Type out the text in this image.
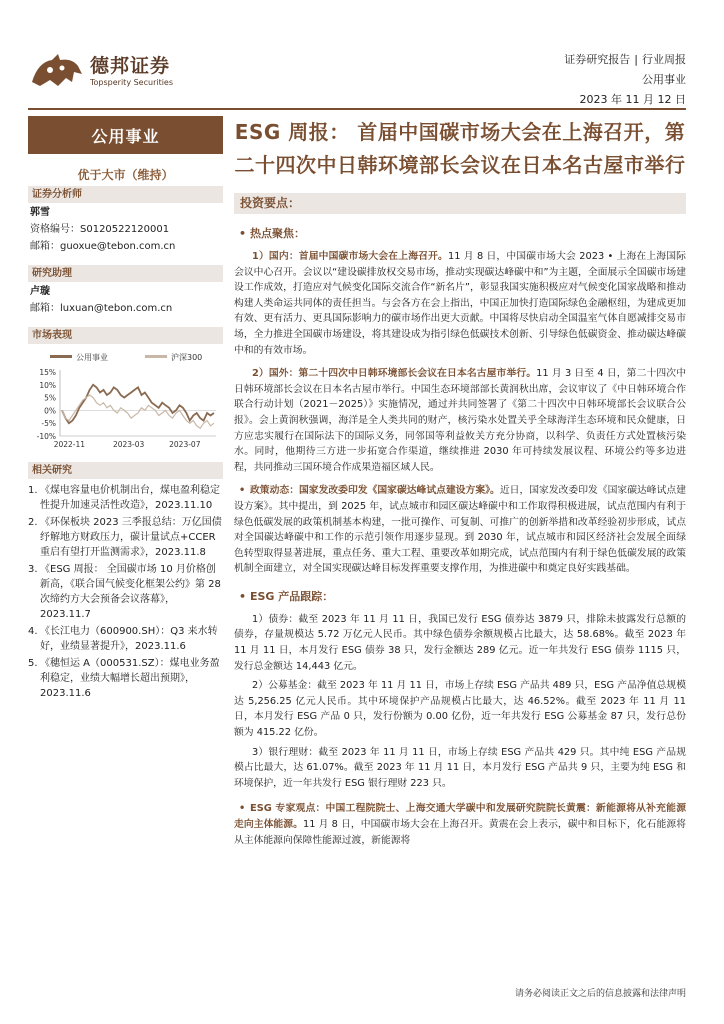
德邦证券
Topsperity Securities
证券研究报告 | 行业周报
公用事业
2023 年 11 月 12 日
公用事业
优于大市（维持）
证券分析师
郭雪
资格编号：S0120522120001
邮箱：guoxue@tebon.com.cn
研究助理
卢璇
邮箱：luxuan@tebon.com.cn
市场表现
公用事业	沪深300
15%
10%
5%
0%
-5%
-10%
2022-11	2023-03	2023-07
相关研究
1. 《煤电容量电价机制出台，煤电盈利稳定性提升加速灵活性改造》，2023.11.10
2. 《环保板块 2023 三季报总结：万亿国债纾解地方财政压力，碳计量试点+CCER 重启有望打开监测需求》，2023.11.8
3. 《ESG 周报： 全国碳市场 10 月价格创新高，《联合国气候变化框架公约》第 28 次缔约方大会预备会议落幕》，2023.11.7
4. 《长江电力（600900.SH）：Q3 来水转好，业绩显著提升》，2023.11.6
5. 《穗恒运 A（000531.SZ）：煤电业务盈利稳定，业绩大幅增长超出预期》，2023.11.6
ESG 周报： 首届中国碳市场大会在上海召开，第二十四次中日韩环境部长会议在日本名古屋市举行
投资要点：
• 热点聚焦：
1）国内：首届中国碳市场大会在上海召开。11 月 8 日，中国碳市场大会 2023 • 上海在上海国际会议中心召开。会议以“建设碳排放权交易市场，推动实现碳达峰碳中和”为主题，全面展示全国碳市场建设工作成效，打造应对气候变化国际交流合作“新名片”，彰显我国实施积极应对气候变化国家战略和推动构建人类命运共同体的责任担当。与会各方在会上指出，中国正加快打造国际绿色金融枢纽，为建成更加有效、更有活力、更具国际影响力的碳市场作出更大贡献。中国将尽快启动全国温室气体自愿减排交易市场，全力推进全国碳市场建设，将其建设成为指引绿色低碳技术创新、引导绿色低碳资金、推动碳达峰碳中和的有效市场。
2）国外：第二十四次中日韩环境部长会议在日本名古屋市举行。11 月 3 日至 4 日，第二十四次中日韩环境部长会议在日本名古屋市举行。中国生态环境部部长黄润秋出席，会议审议了《中日韩环境合作联合行动计划（2021－2025）》实施情况，通过并共同签署了《第二十四次中日韩环境部长会议联合公报》。会上黄润秋强调，海洋是全人类共同的财产，核污染水处置关乎全球海洋生态环境和民众健康，日方应忠实履行在国际法下的国际义务，同邻国等利益攸关方充分协商，以科学、负责任方式处置核污染水。同时，他期待三方进一步拓宽合作渠道，继续推进 2030 年可持续发展议程、环境公约等多边进程，共同推动三国环境合作成果造福区域人民。
• 政策动态：国家发改委印发《国家碳达峰试点建设方案》。近日，国家发改委印发《国家碳达峰试点建设方案》。其中提出，到 2025 年，试点城市和园区碳达峰碳中和工作取得积极进展，试点范围内有利于绿色低碳发展的政策机制基本构建，一批可操作、可复制、可推广的创新举措和改革经验初步形成，试点对全国碳达峰碳中和工作的示范引领作用逐步显现。到 2030 年，试点城市和园区经济社会发展全面绿色转型取得显著进展，重点任务、重大工程、重要改革如期完成，试点范围内有利于绿色低碳发展的政策机制全面建立，对全国实现碳达峰目标发挥重要支撑作用，为推进碳中和奠定良好实践基础。
• ESG 产品跟踪：
1）债券：截至 2023 年 11 月 11 日，我国已发行 ESG 债券达 3879 只，排除未披露发行总额的债券，存量规模达 5.72 万亿元人民币。其中绿色债券余额规模占比最大，达 58.68%。截至 2023 年 11 月 11 日，本月发行 ESG 债券 38 只，发行金额达 289 亿元。近一年共发行 ESG 债券 1115 只，发行总金额达 14,443 亿元。
2）公募基金：截至 2023 年 11 月 11 日，市场上存续 ESG 产品共 489 只，ESG 产品净值总规模达 5,256.25 亿元人民币。其中环境保护产品规模占比最大，达 46.52%。截至 2023 年 11 月 11 日，本月发行 ESG 产品 0 只，发行份额为 0.00 亿份，近一年共发行 ESG 公募基金 87 只，发行总份额为 415.22 亿份。
3）银行理财：截至 2023 年 11 月 11 日，市场上存续 ESG 产品共 429 只。其中纯 ESG 产品规模占比最大，达 61.07%。截至 2023 年 11 月 11 日，本月发行 ESG 产品共 9 只，主要为纯 ESG 和环境保护，近一年共发行 ESG 银行理财 223 只。
• ESG 专家观点：中国工程院院士、上海交通大学碳中和发展研究院院长黄震：新能源将从补充能源走向主体能源。11 月 8 日，中国碳市场大会在上海召开。黄震在会上表示，碳中和目标下，化石能源将从主体能源向保障性能源过渡，新能源将
请务必阅读正文之后的信息披露和法律声明
